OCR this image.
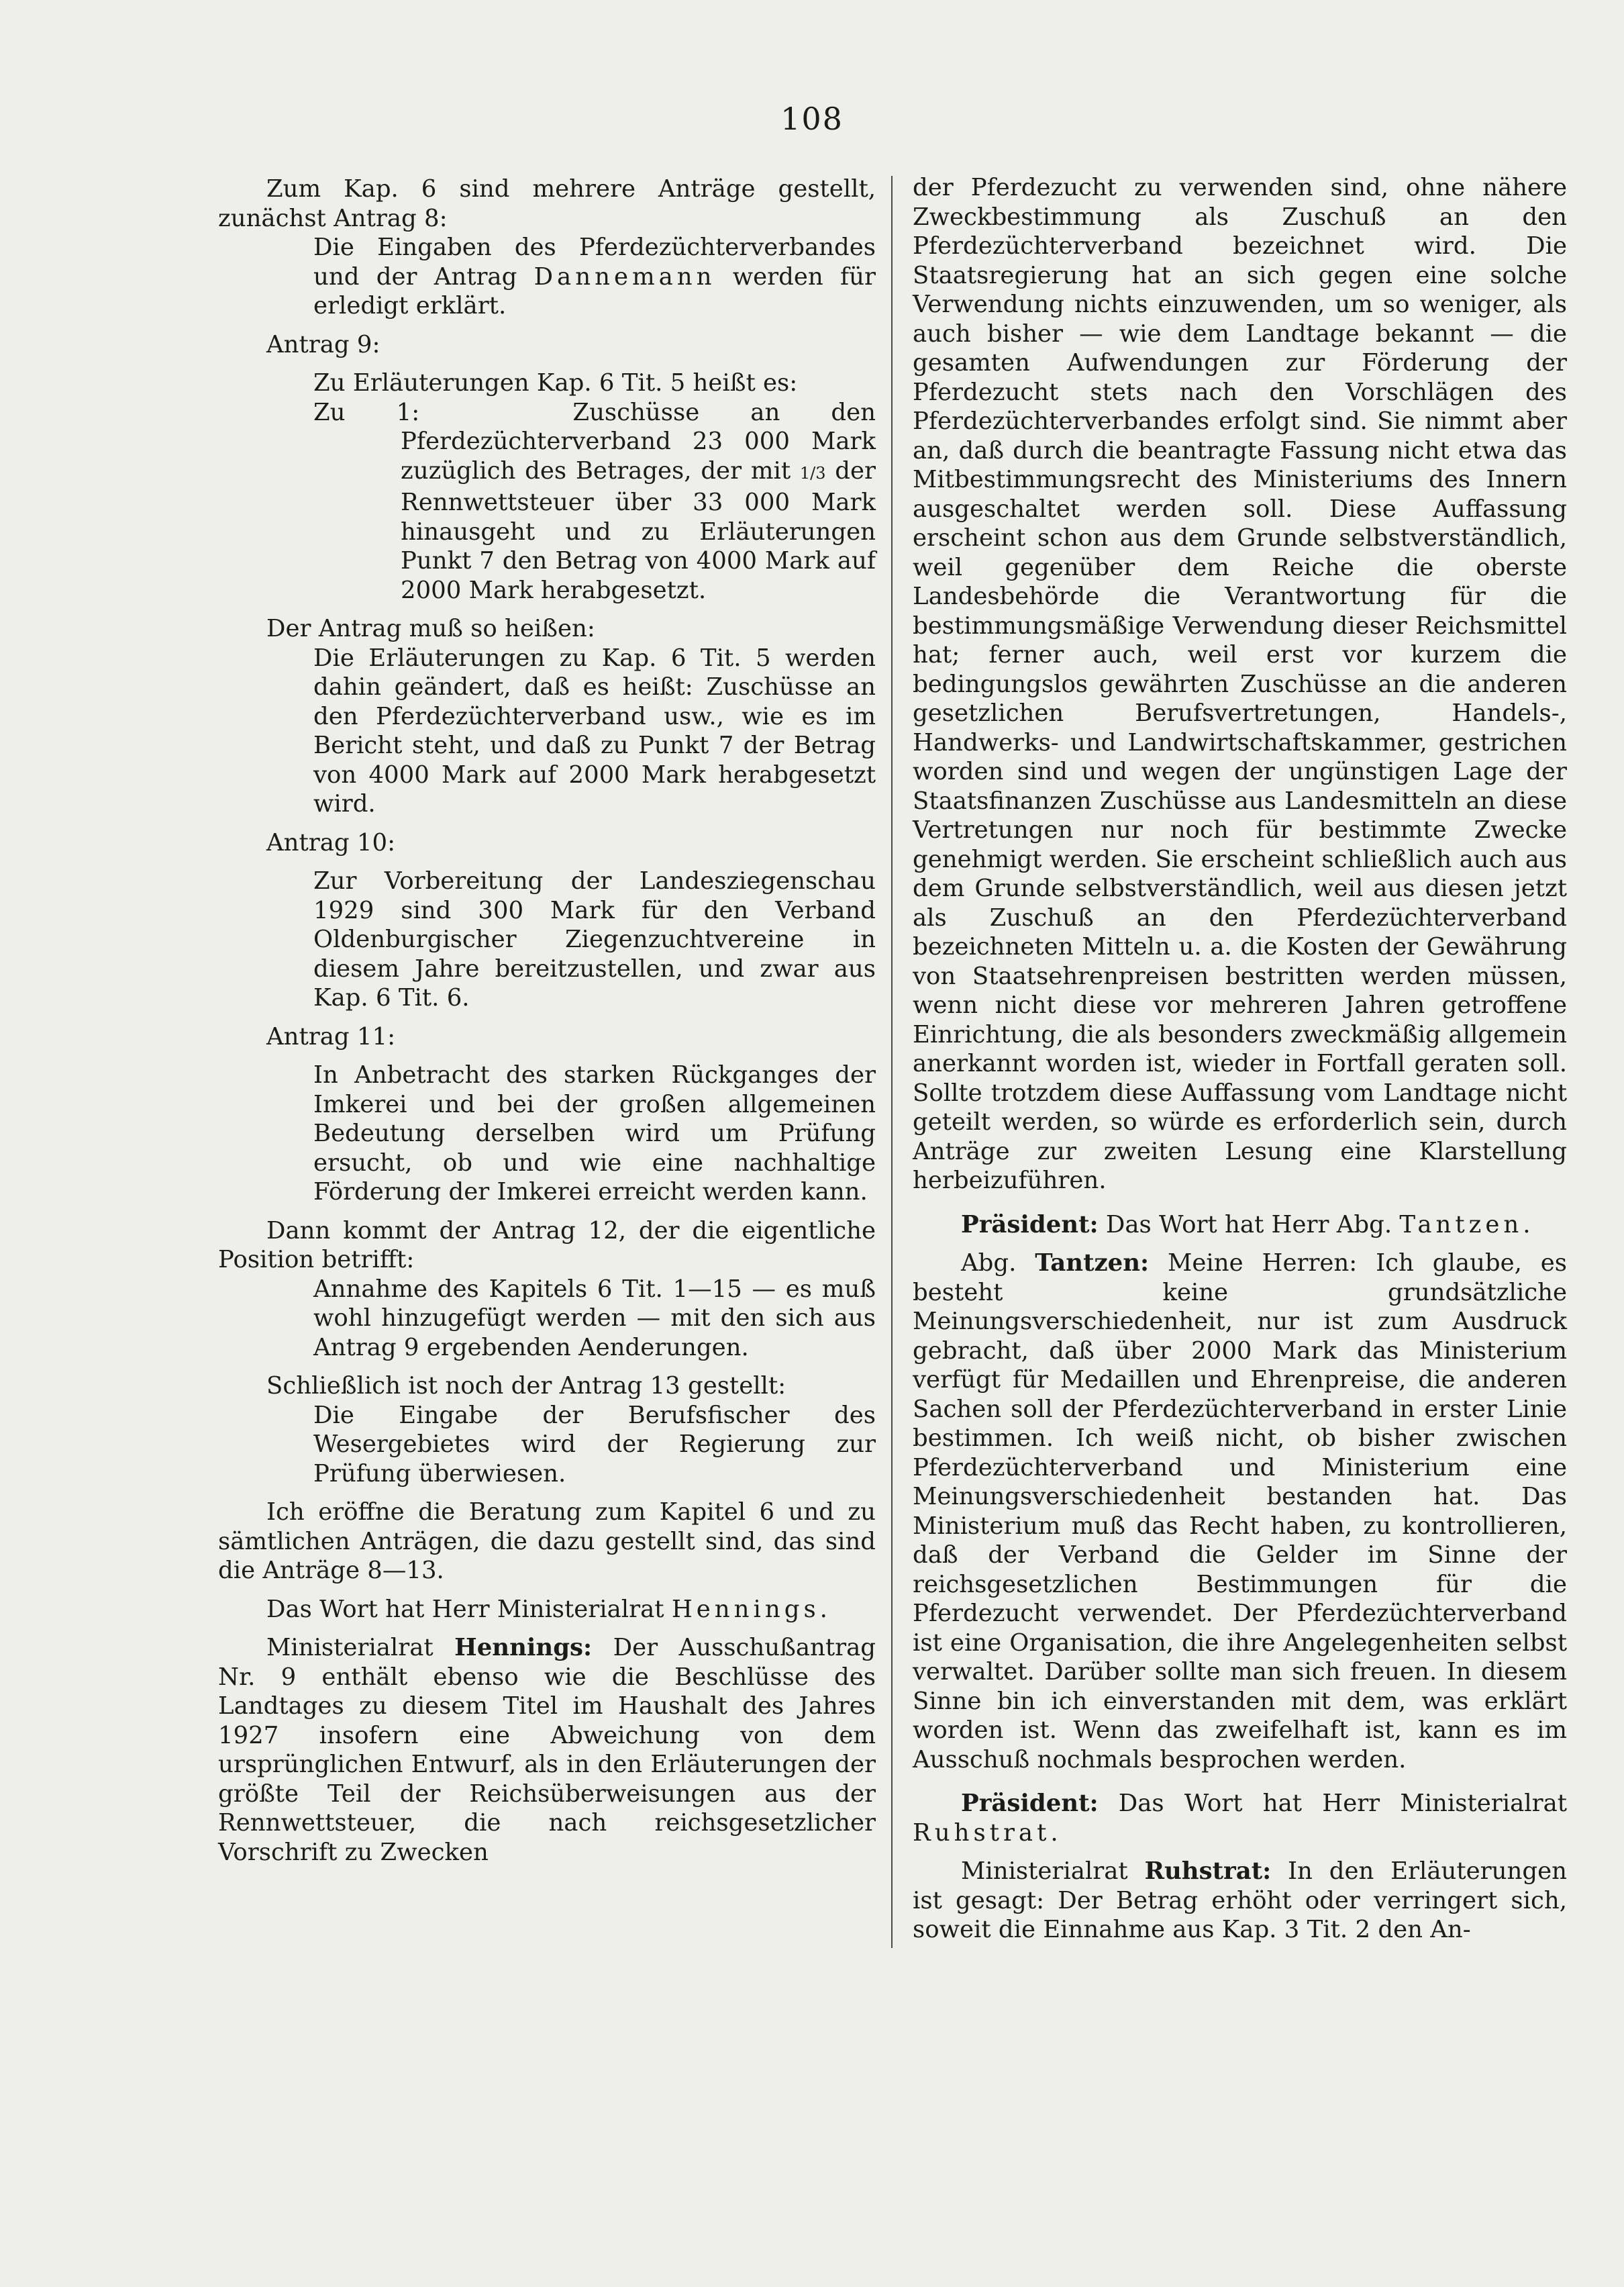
108

Zum Kap. 6 sind mehrere Anträge gestellt, zunächst Antrag 8:

Die Eingaben des Pferdezüchterverbandes und der Antrag Dannemann werden für erledigt erklärt.

Antrag 9:

Zu Erläuterungen Kap. 6 Tit. 5 heißt es:

Zu 1:	Zuschüsse an den Pferdezüchterverband 23 000 Mark zuzüglich des Betrages, der mit 1/3 der Rennwettsteuer über 33 000 Mark hinausgeht und zu Erläuterungen Punkt 7 den Betrag von 4000 Mark auf 2000 Mark herabgesetzt.

Der Antrag muß so heißen:

Die Erläuterungen zu Kap. 6 Tit. 5 werden dahin geändert, daß es heißt: Zuschüsse an den Pferdezüchterverband usw., wie es im Bericht steht, und daß zu Punkt 7 der Betrag von 4000 Mark auf 2000 Mark herabgesetzt wird.

Antrag 10:

Zur Vorbereitung der Landesziegenschau 1929 sind 300 Mark für den Verband Oldenburgischer Ziegenzuchtvereine in diesem Jahre bereitzustellen, und zwar aus Kap. 6 Tit. 6.

Antrag 11:

In Anbetracht des starken Rückganges der Imkerei und bei der großen allgemeinen Bedeutung derselben wird um Prüfung ersucht, ob und wie eine nachhaltige Förderung der Imkerei erreicht werden kann.

Dann kommt der Antrag 12, der die eigentliche Position betrifft:

Annahme des Kapitels 6 Tit. 1—15 — es muß wohl hinzugefügt werden — mit den sich aus Antrag 9 ergebenden Aenderungen.

Schließlich ist noch der Antrag 13 gestellt:

Die Eingabe der Berufsfischer des Wesergebietes wird der Regierung zur Prüfung überwiesen.

Ich eröffne die Beratung zum Kapitel 6 und zu sämtlichen Anträgen, die dazu gestellt sind, das sind die Anträge 8—13.

Das Wort hat Herr Ministerialrat Hennings.

Ministerialrat Hennings: Der Ausschußantrag Nr. 9 enthält ebenso wie die Beschlüsse des Landtages zu diesem Titel im Haushalt des Jahres 1927 insofern eine Abweichung von dem ursprünglichen Entwurf, als in den Erläuterungen der größte Teil der Reichsüberweisungen aus der Rennwettsteuer, die nach reichsgesetzlicher Vorschrift zu Zwecken

der Pferdezucht zu verwenden sind, ohne nähere Zweckbestimmung als Zuschuß an den Pferdezüchterverband bezeichnet wird. Die Staatsregierung hat an sich gegen eine solche Verwendung nichts einzuwenden, um so weniger, als auch bisher — wie dem Landtage bekannt — die gesamten Aufwendungen zur Förderung der Pferdezucht stets nach den Vorschlägen des Pferdezüchterverbandes erfolgt sind. Sie nimmt aber an, daß durch die beantragte Fassung nicht etwa das Mitbestimmungsrecht des Ministeriums des Innern ausgeschaltet werden soll. Diese Auffassung erscheint schon aus dem Grunde selbstverständlich, weil gegenüber dem Reiche die oberste Landesbehörde die Verantwortung für die bestimmungsmäßige Verwendung dieser Reichsmittel hat; ferner auch, weil erst vor kurzem die bedingungslos gewährten Zuschüsse an die anderen gesetzlichen Berufsvertretungen, Handels-, Handwerks- und Landwirtschaftskammer, gestrichen worden sind und wegen der ungünstigen Lage der Staatsfinanzen Zuschüsse aus Landesmitteln an diese Vertretungen nur noch für bestimmte Zwecke genehmigt werden. Sie erscheint schließlich auch aus dem Grunde selbstverständlich, weil aus diesen jetzt als Zuschuß an den Pferdezüchterverband bezeichneten Mitteln u. a. die Kosten der Gewährung von Staatsehrenpreisen bestritten werden müssen, wenn nicht diese vor mehreren Jahren getroffene Einrichtung, die als besonders zweckmäßig allgemein anerkannt worden ist, wieder in Fortfall geraten soll. Sollte trotzdem diese Auffassung vom Landtage nicht geteilt werden, so würde es erforderlich sein, durch Anträge zur zweiten Lesung eine Klarstellung herbeizuführen.

Präsident: Das Wort hat Herr Abg. Tantzen.

Abg. Tantzen: Meine Herren: Ich glaube, es besteht keine grundsätzliche Meinungsverschiedenheit, nur ist zum Ausdruck gebracht, daß über 2000 Mark das Ministerium verfügt für Medaillen und Ehrenpreise, die anderen Sachen soll der Pferdezüchterverband in erster Linie bestimmen. Ich weiß nicht, ob bisher zwischen Pferdezüchterverband und Ministerium eine Meinungsverschiedenheit bestanden hat. Das Ministerium muß das Recht haben, zu kontrollieren, daß der Verband die Gelder im Sinne der reichsgesetzlichen Bestimmungen für die Pferdezucht verwendet. Der Pferdezüchterverband ist eine Organisation, die ihre Angelegenheiten selbst verwaltet. Darüber sollte man sich freuen. In diesem Sinne bin ich einverstanden mit dem, was erklärt worden ist. Wenn das zweifelhaft ist, kann es im Ausschuß nochmals besprochen werden.

Präsident: Das Wort hat Herr Ministerialrat Ruhstrat.

Ministerialrat Ruhstrat: In den Erläuterungen ist gesagt: Der Betrag erhöht oder verringert sich, soweit die Einnahme aus Kap. 3 Tit. 2 den An-
